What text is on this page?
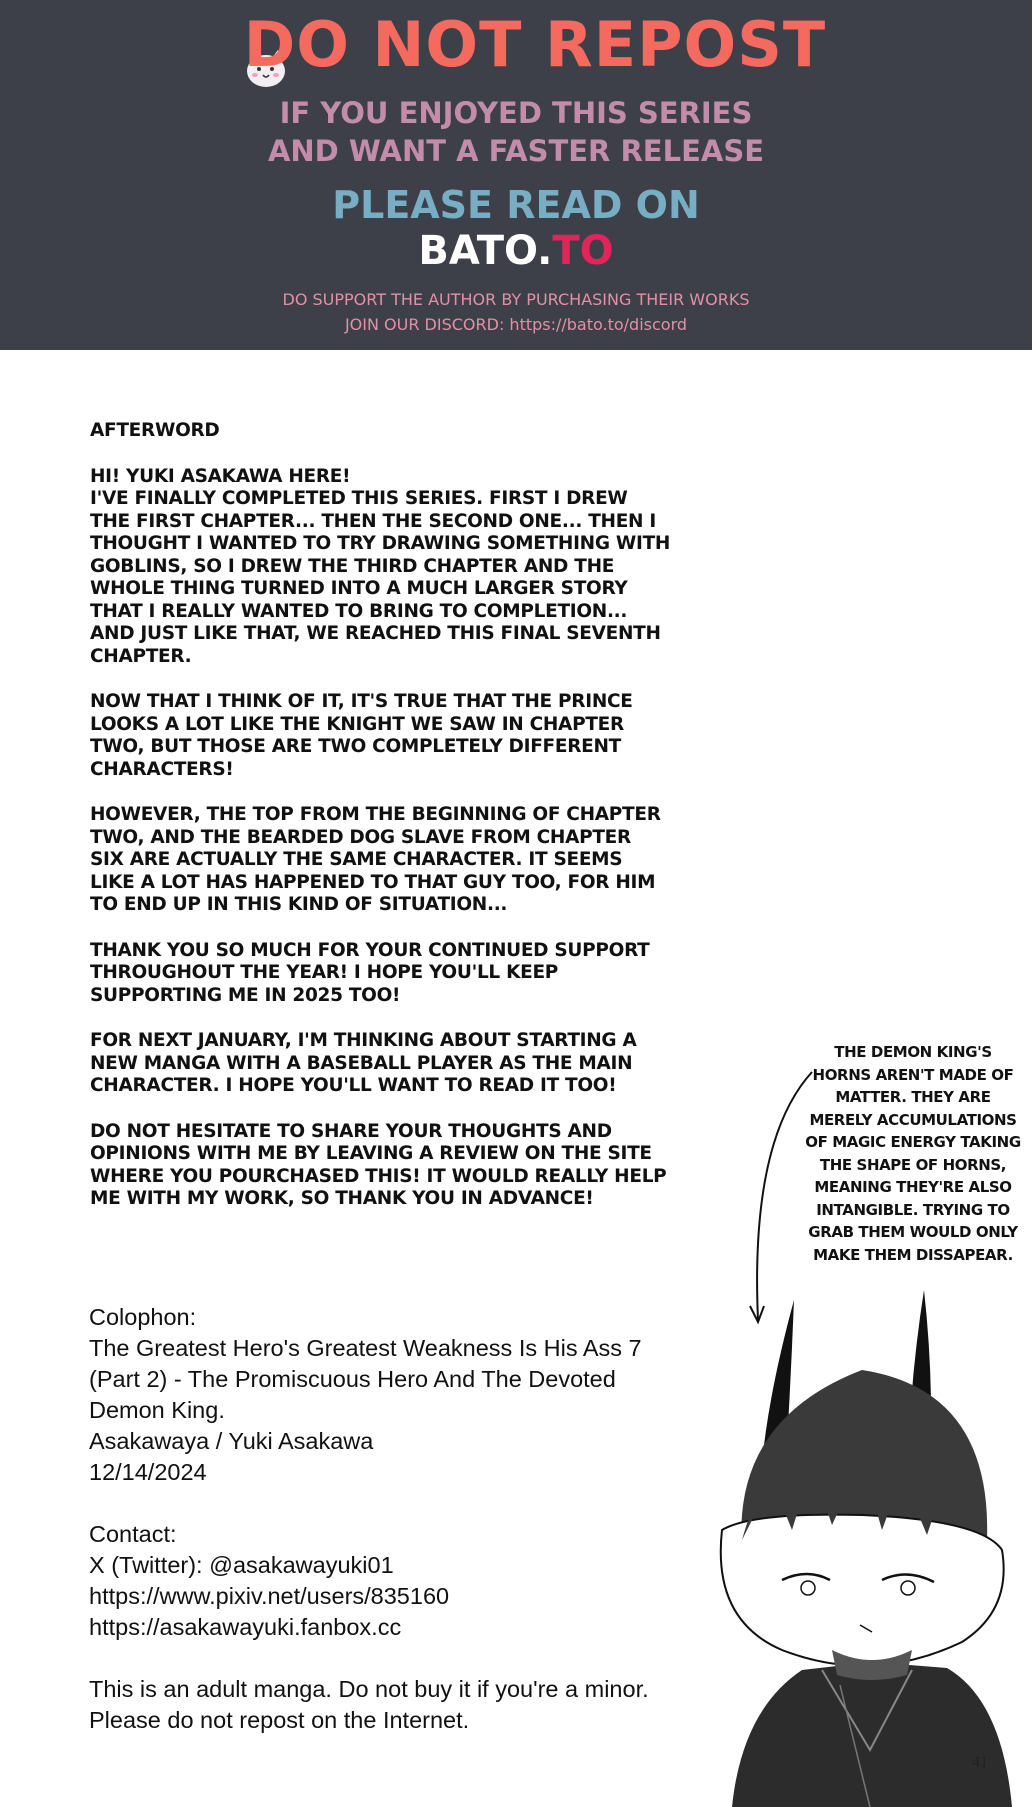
DO NOT REPOST
IF YOU ENJOYED THIS SERIES
AND WANT A FASTER RELEASE
PLEASE READ ON
BATO.TO
DO SUPPORT THE AUTHOR BY PURCHASING THEIR WORKS
JOIN OUR DISCORD: https://bato.to/discord

AFTERWORD

HI! YUKI ASAKAWA HERE!
I'VE FINALLY COMPLETED THIS SERIES. FIRST I DREW
THE FIRST CHAPTER... THEN THE SECOND ONE... THEN I
THOUGHT I WANTED TO TRY DRAWING SOMETHING WITH
GOBLINS, SO I DREW THE THIRD CHAPTER AND THE
WHOLE THING TURNED INTO A MUCH LARGER STORY
THAT I REALLY WANTED TO BRING TO COMPLETION...
AND JUST LIKE THAT, WE REACHED THIS FINAL SEVENTH
CHAPTER.

NOW THAT I THINK OF IT, IT'S TRUE THAT THE PRINCE
LOOKS A LOT LIKE THE KNIGHT WE SAW IN CHAPTER
TWO, BUT THOSE ARE TWO COMPLETELY DIFFERENT
CHARACTERS!

HOWEVER, THE TOP FROM THE BEGINNING OF CHAPTER
TWO, AND THE BEARDED DOG SLAVE FROM CHAPTER
SIX ARE ACTUALLY THE SAME CHARACTER. IT SEEMS
LIKE A LOT HAS HAPPENED TO THAT GUY TOO, FOR HIM
TO END UP IN THIS KIND OF SITUATION...

THANK YOU SO MUCH FOR YOUR CONTINUED SUPPORT
THROUGHOUT THE YEAR! I HOPE YOU'LL KEEP
SUPPORTING ME IN 2025 TOO!

FOR NEXT JANUARY, I'M THINKING ABOUT STARTING A
NEW MANGA WITH A BASEBALL PLAYER AS THE MAIN
CHARACTER. I HOPE YOU'LL WANT TO READ IT TOO!

DO NOT HESITATE TO SHARE YOUR THOUGHTS AND
OPINIONS WITH ME BY LEAVING A REVIEW ON THE SITE
WHERE YOU POURCHASED THIS! IT WOULD REALLY HELP
ME WITH MY WORK, SO THANK YOU IN ADVANCE!

THE DEMON KING'S
HORNS AREN'T MADE OF
MATTER. THEY ARE
MERELY ACCUMULATIONS
OF MAGIC ENERGY TAKING
THE SHAPE OF HORNS,
MEANING THEY'RE ALSO
INTANGIBLE. TRYING TO
GRAB THEM WOULD ONLY
MAKE THEM DISSAPEAR.
Colophon:
The Greatest Hero's Greatest Weakness Is His Ass 7
(Part 2) - The Promiscuous Hero And The Devoted
Demon King.
Asakawaya / Yuki Asakawa
12/14/2024
Contact:
X (Twitter): @asakawayuki01
https://www.pixiv.net/users/835160
https://asakawayuki.fanbox.cc
This is an adult manga. Do not buy it if you're a minor.
Please do not repost on the Internet.
41
